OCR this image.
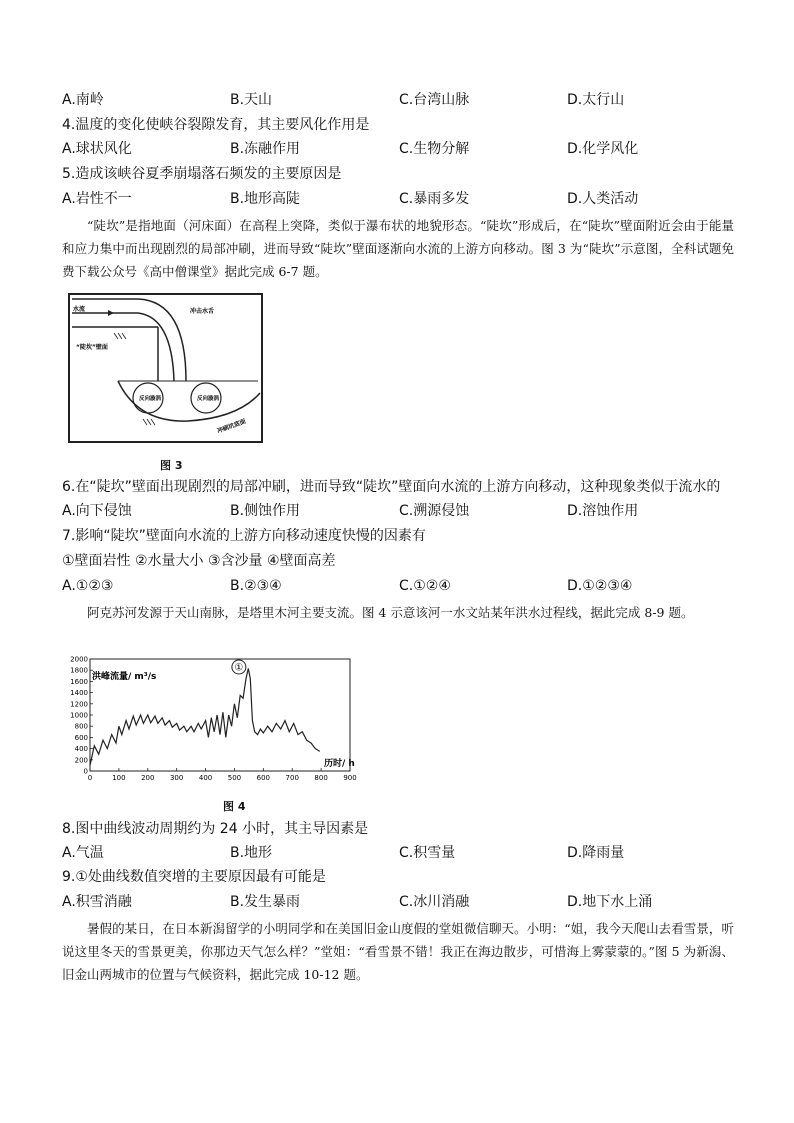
A.南岭	B.天山	C.台湾山脉	D.太行山
4.温度的变化使峡谷裂隙发育，其主要风化作用是
A.球状风化	B.冻融作用	C.生物分解	D.化学风化
5.造成该峡谷夏季崩塌落石频发的主要原因是
A.岩性不一	B.地形高陡	C.暴雨多发	D.人类活动
“陡坎”是指地面（河床面）在高程上突降，类似于瀑布状的地貌形态。“陡坎”形成后，在“陡坎”壁面附近会由于能量和应力集中而出现剧烈的局部冲刷，进而导致“陡坎”壁面逐渐向水流的上游方向移动。图 3 为“陡坎”示意图，全科试题免费下载公众号《高中僧课堂》据此完成 6-7 题。
水流	冲击水舌
“陡坎”壁面
反向漩涡	反向漩涡
冲刷坑底面
图 3
6.在“陡坎”壁面出现剧烈的局部冲刷，进而导致“陡坎”壁面向水流的上游方向移动，这种现象类似于流水的
A.向下侵蚀	B.侧蚀作用	C.溯源侵蚀	D.溶蚀作用
7.影响“陡坎”壁面向水流的上游方向移动速度快慢的因素有
①壁面岩性 ②水量大小 ③含沙量 ④壁面高差
A.①②③	B.②③④	C.①②④	D.①②③④
阿克苏河发源于天山南脉，是塔里木河主要支流。图 4 示意该河一水文站某年洪水过程线，据此完成 8-9 题。
0
200
400
600
800
1000
1200
1400
1600
1800
2000
0	100 200 300 400 500 600 700 800 900
洪峰流量/ m³/s
历时/ h
①
图 4
8.图中曲线波动周期约为 24 小时，其主导因素是
A.气温	B.地形	C.积雪量	D.降雨量
9.①处曲线数值突增的主要原因最有可能是
A.积雪消融	B.发生暴雨	C.冰川消融	D.地下水上涌
暑假的某日，在日本新潟留学的小明同学和在美国旧金山度假的堂姐微信聊天。小明：“姐，我今天爬山去看雪景，听说这里冬天的雪景更美，你那边天气怎么样？”堂姐：“看雪景不错！我正在海边散步，可惜海上雾蒙蒙的。”图 5 为新潟、旧金山两城市的位置与气候资料，据此完成 10-12 题。
